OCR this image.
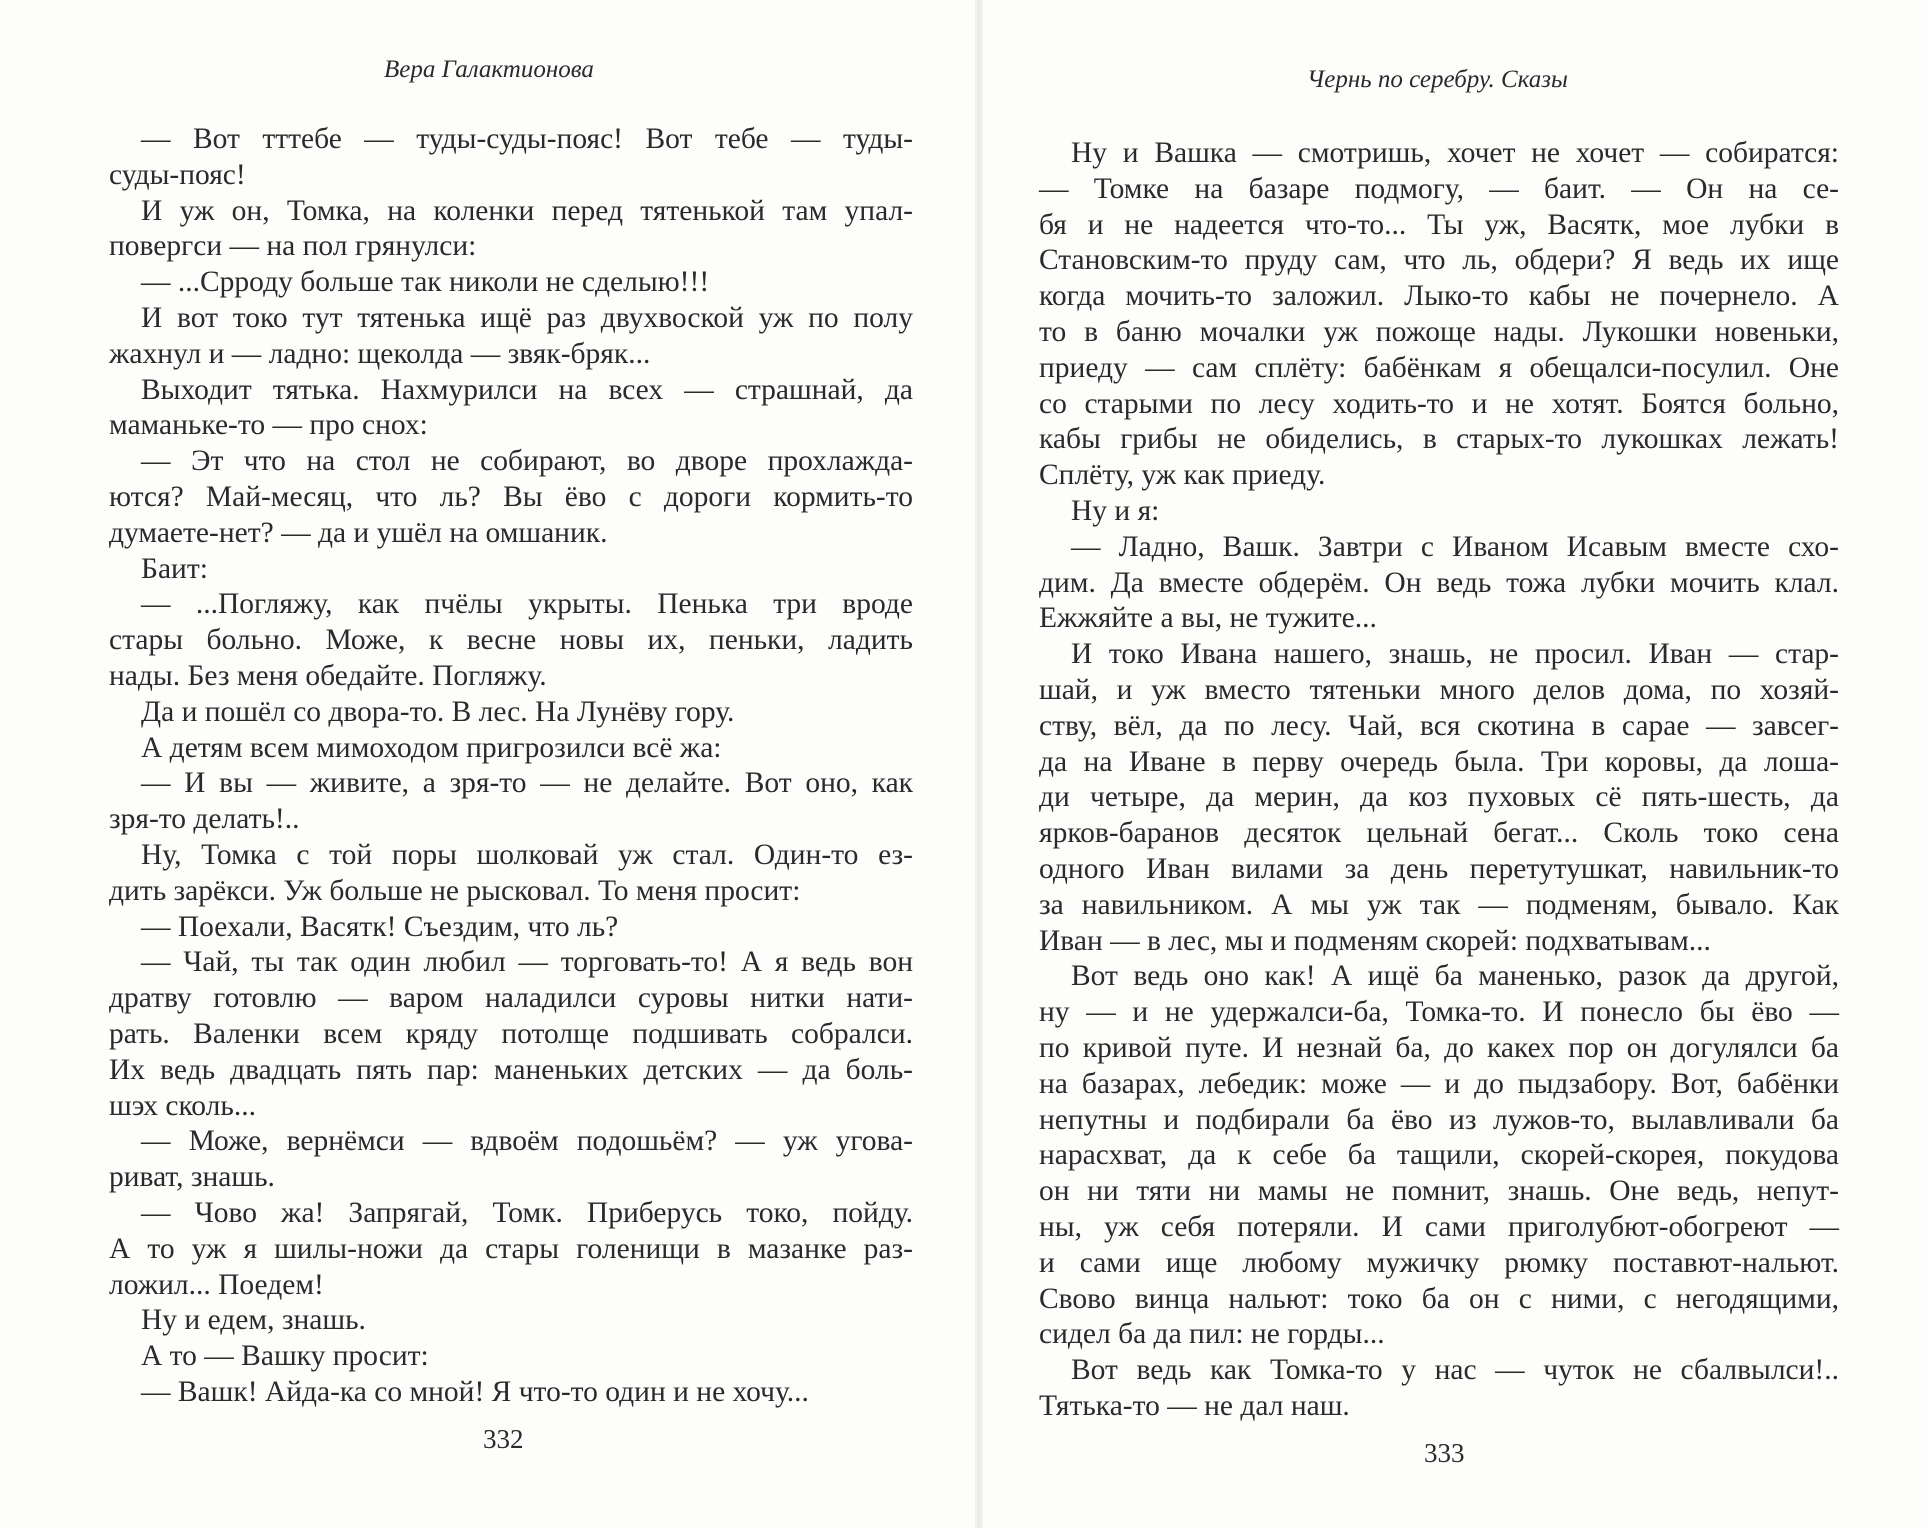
Вера Галактионова
— Вот тттебе — туды-суды-пояс! Вот тебе — туды-
суды-пояс!
И уж он, Томка, на коленки перед тятенькой там упал-
повергси — на пол грянулси:
— ...Срроду больше так николи не сделыю!!!
И вот токо тут тятенька ищё раз двухвоской уж по полу
жахнул и — ладно: щеколда — звяк-бряк...
Выходит тятька. Нахмурилси на всех — страшнай, да
маманьке-то — про снох:
— Эт что на стол не собирают, во дворе прохлажда-
ются? Май-месяц, что ль? Вы ёво с дороги кормить-то
думаете-нет? — да и ушёл на омшаник.
Баит:
— ...Погляжу, как пчёлы укрыты. Пенька три вроде
стары больно. Може, к весне новы их, пеньки, ладить
нады. Без меня обедайте. Погляжу.
Да и пошёл со двора-то. В лес. На Лунёву гору.
А детям всем мимоходом пригрозилси всё жа:
— И вы — живите, а зря-то — не делайте. Вот оно, как
зря-то делать!..
Ну, Томка с той поры шолковай уж стал. Один-то ез-
дить зарёкси. Уж больше не рысковал. То меня просит:
— Поехали, Васятк! Съездим, что ль?
— Чай, ты так один любил — торговать-то! А я ведь вон
дратву готовлю — варом наладилси суровы нитки нати-
рать. Валенки всем кряду потолще подшивать собралси.
Их ведь двадцать пять пар: маненьких детских — да боль-
шэх сколь...
— Може, вернёмси — вдвоём подошьём? — уж угова-
риват, знашь.
— Чово жа! Запрягай, Томк. Приберусь токо, пойду.
А то уж я шилы-ножи да стары голенищи в мазанке раз-
ложил... Поедем!
Ну и едем, знашь.
А то — Вашку просит:
— Вашк! Айда-ка со мной! Я что-то один и не хочу...
332
Чернь по серебру. Сказы
Ну и Вашка — смотришь, хочет не хочет — собиратся:
— Томке на базаре подмогу, — баит. — Он на се-
бя и не надеется что-то... Ты уж, Васятк, мое лубки в
Становским-то пруду сам, что ль, обдери? Я ведь их ище
когда мочить-то заложил. Лыко-то кабы не почернело. А
то в баню мочалки уж пожоще нады. Лукошки новеньки,
приеду — сам сплёту: бабёнкам я обещалси-посулил. Оне
со старыми по лесу ходить-то и не хотят. Боятся больно,
кабы грибы не обиделись, в старых-то лукошках лежать!
Сплёту, уж как приеду.
Ну и я:
— Ладно, Вашк. Завтри с Иваном Исавым вместе схо-
дим. Да вместе обдерём. Он ведь тожа лубки мочить клал.
Ежжяйте а вы, не тужите...
И токо Ивана нашего, знашь, не просил. Иван — стар-
шай, и уж вместо тятеньки много делов дома, по хозяй-
ству, вёл, да по лесу. Чай, вся скотина в сарае — завсег-
да на Иване в перву очередь была. Три коровы, да лоша-
ди четыре, да мерин, да коз пуховых сё пять-шесть, да
ярков-баранов десяток цельнай бегат... Сколь токо сена
одного Иван вилами за день перетутушкат, навильник-то
за навильником. А мы уж так — подменям, бывало. Как
Иван — в лес, мы и подменям скорей: подхватывам...
Вот ведь оно как! А ищё ба маненько, разок да другой,
ну — и не удержалси-ба, Томка-то. И понесло бы ёво —
по кривой путе. И незнай ба, до какех пор он догулялси ба
на базарах, лебедик: може — и до пыдзабору. Вот, бабёнки
непутны и подбирали ба ёво из лужов-то, вылавливали ба
нарасхват, да к себе ба тащили, скорей-скорея, покудова
он ни тяти ни мамы не помнит, знашь. Оне ведь, непут-
ны, уж себя потеряли. И сами приголубют-обогреют —
и сами ище любому мужичку рюмку поставют-нальют.
Свово винца нальют: токо ба он с ними, с негодящими,
сидел ба да пил: не горды...
Вот ведь как Томка-то у нас — чуток не сбалвылси!..
Тятька-то — не дал наш.
333
